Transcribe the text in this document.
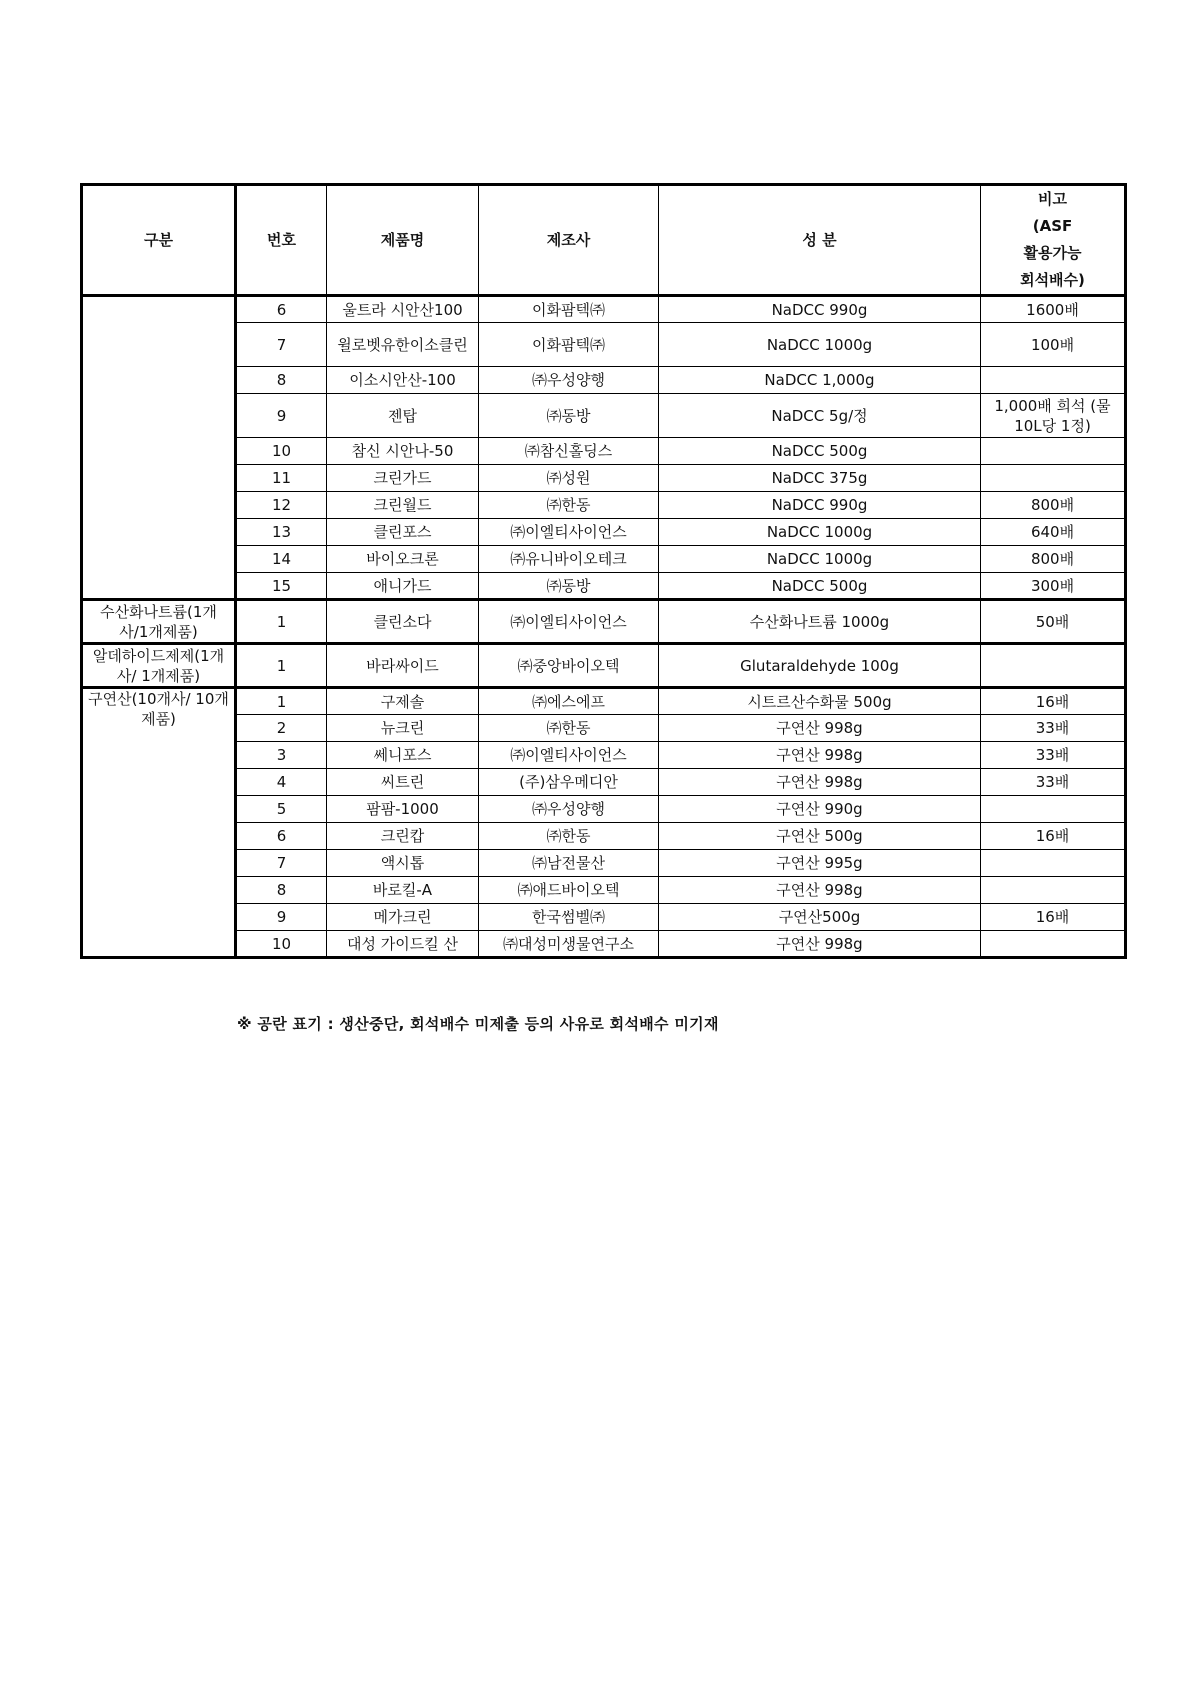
구분	번호	제품명	제조사	성 분	비고
(ASF
활용가능
회석배수)

	6	울트라 시안산100	이화팜텍㈜	NaDCC 990g	1600배
	7	윌로벳유한이소클린	이화팜텍㈜	NaDCC 1000g	100배
	8	이소시안산-100	㈜우성양행	NaDCC 1,000g	
	9	젠탑	㈜동방	NaDCC 5g/정	1,000배 희석 (물10L당 1정)
	10	참신 시안나-50	㈜참신홀딩스	NaDCC 500g	
	11	크린가드	㈜성원	NaDCC 375g	
	12	크린월드	㈜한동	NaDCC 990g	800배
	13	클린포스	㈜이엘티사이언스	NaDCC 1000g	640배
	14	바이오크론	㈜유니바이오테크	NaDCC 1000g	800배
	15	애니가드	㈜동방	NaDCC 500g	300배
수산화나트륨(1개사/1개제품)	1	클린소다	㈜이엘티사이언스	수산화나트륨 1000g	50배
알데하이드제제(1개사/ 1개제품)	1	바라싸이드	㈜중앙바이오텍	Glutaraldehyde 100g	
구연산(10개사/ 10개 제품)	1	구제솔	㈜에스에프	시트르산수화물 500g	16배
	2	뉴크린	㈜한동	구연산 998g	33배
	3	쎄니포스	㈜이엘티사이언스	구연산 998g	33배
	4	씨트린	(주)삼우메디안	구연산 998g	33배
	5	팜팜-1000	㈜우성양행	구연산 990g	
	6	크린캅	㈜한동	구연산 500g	16배
	7	액시톱	㈜남전물산	구연산 995g	
	8	바로킬-A	㈜애드바이오텍	구연산 998g	
	9	메가크린	한국썸벨㈜	구연산500g	16배
	10	대성 가이드킬 산	㈜대성미생물연구소	구연산 998g	
※ 공란 표기 : 생산중단, 회석배수 미제출 등의 사유로 회석배수 미기재
